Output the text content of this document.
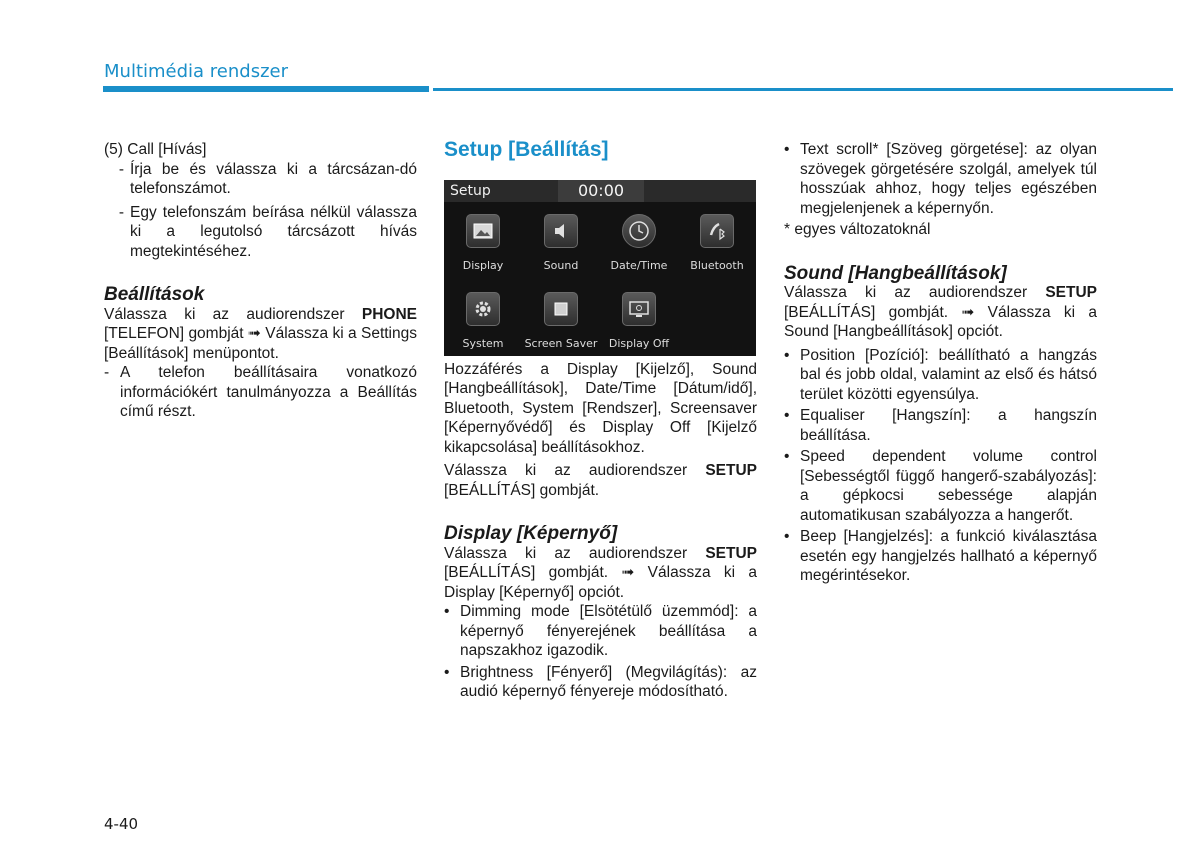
Multimédia rendszer

(5) Call [Hívás]

- Írja be és válassza ki a tárcsázan-dó telefonszámot.
- Egy telefonszám beírása nélkül válassza ki a legutolsó tárcsázott hívás megtekintéséhez.
Beállítások

Válassza ki az audiorendszer PHONE [TELEFON] gombját ➟ Válassza ki a Settings [Beállítások] menüpontot.

- A telefon beállításaira vonatkozó információkért tanulmányozza a Beállítás című részt.
Setup [Beállítás]
Setup	00:00
Display	Sound	Date/Time	Bluetooth
System	Screen Saver	Display Off

Hozzáférés a Display [Kijelző], Sound [Hangbeállítások], Date/Time [Dátum/idő], Bluetooth, System [Rendszer], Screensaver [Képernyővédő] és Display Off [Kijelző kikapcsolása] beállításokhoz.

Válassza ki az audiorendszer SETUP [BEÁLLÍTÁS] gombját.

Display [Képernyő]

Válassza ki az audiorendszer SETUP [BEÁLLÍTÁS] gombját. ➟ Válassza ki a Display [Képernyő] opciót.

• Dimming mode [Elsötétülő üzemmód]: a képernyő fényerejének beállítása a napszakhoz igazodik.
• Brightness [Fényerő] (Megvilágítás): az audió képernyő fényereje módosítható.
• Text scroll* [Szöveg görgetése]: az olyan szövegek görgetésére szolgál, amelyek túl hosszúak ahhoz, hogy teljes egészében megjelenjenek a képernyőn.

* egyes változatoknál

Sound [Hangbeállítások]

Válassza ki az audiorendszer SETUP [BEÁLLÍTÁS] gombját. ➟ Válassza ki a Sound [Hangbeállítások] opciót.

• Position [Pozíció]: beállítható a hangzás bal és jobb oldal, valamint az első és hátsó terület közötti egyensúlya.
• Equaliser [Hangszín]: a hangszín beállítása.
• Speed dependent volume control [Sebességtől függő hangerő-szabályozás]: a gépkocsi sebessége alapján automatikusan szabályozza a hangerőt.
• Beep [Hangjelzés]: a funkció kiválasztása esetén egy hangjelzés hallható a képernyő megérintésekor.
4-40
